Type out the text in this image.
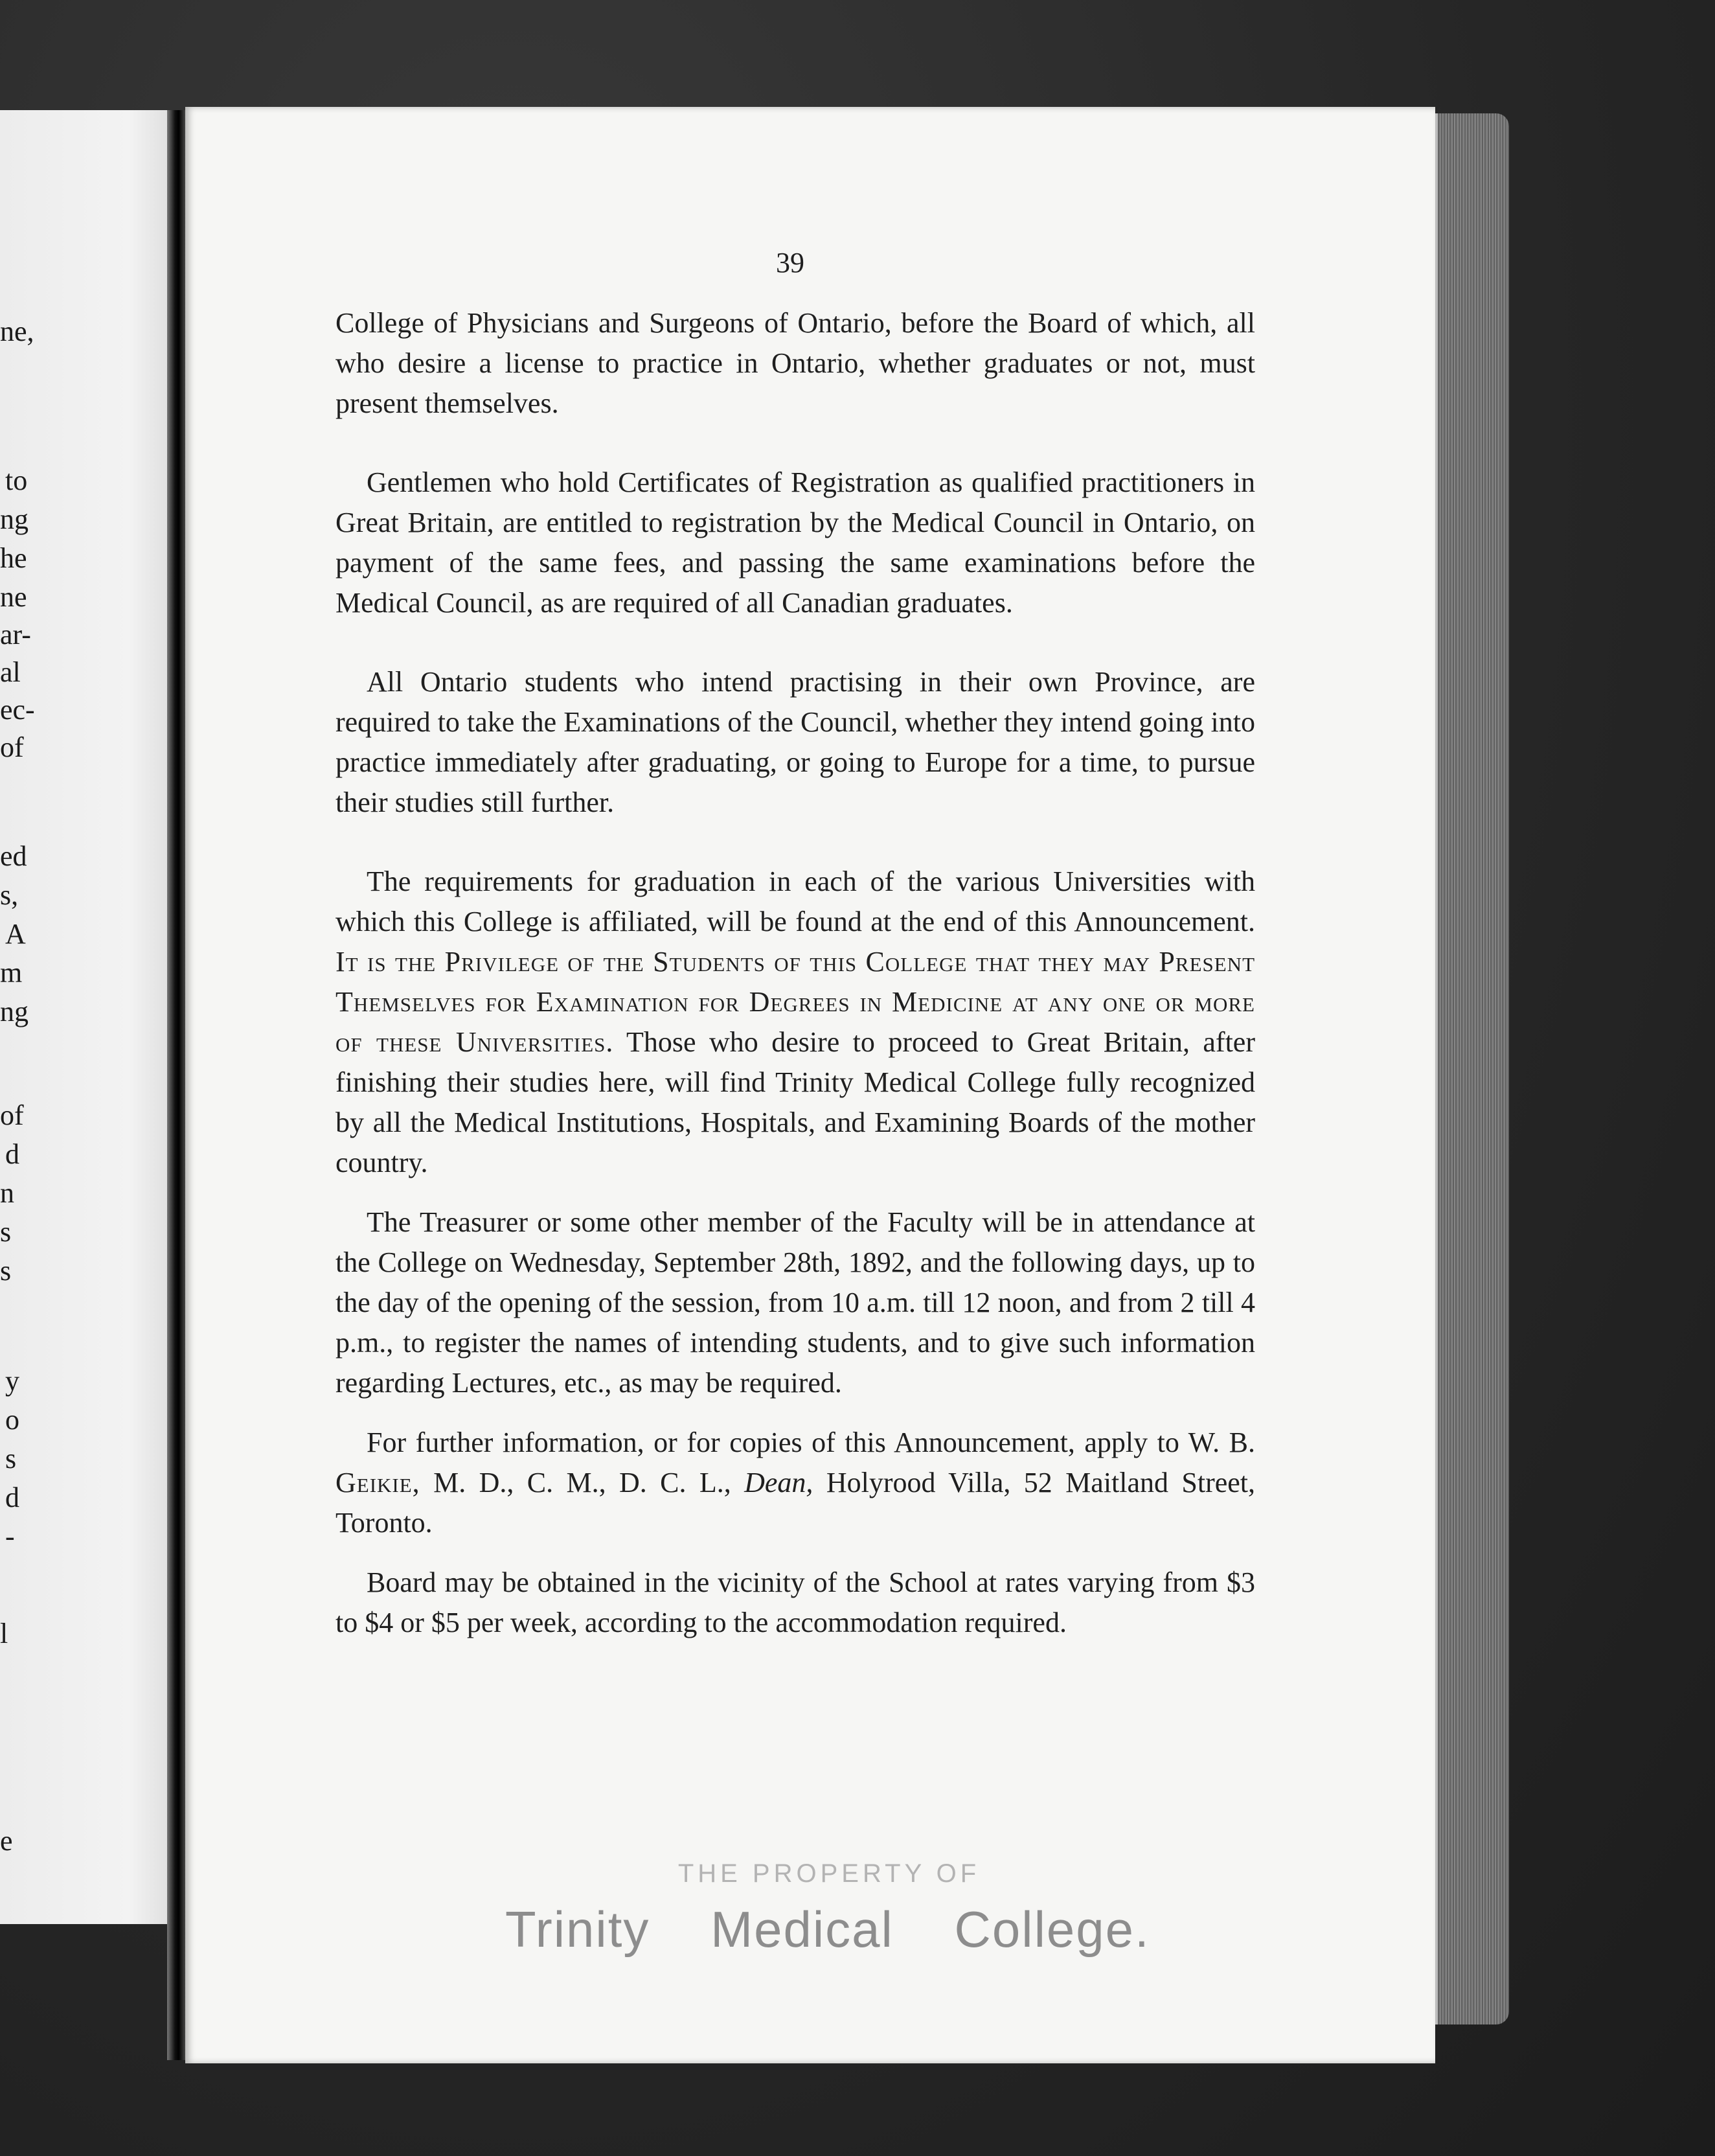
ne,
to
ng
he
ne
ar-
al
ec-
of
ed
s,
A
m
ng
of
d
n
s
s
y
o
s
d
-
l
e
39

College of Physicians and Surgeons of Ontario, before the Board of which, all who desire a license to practice in Ontario, whether graduates or not, must present themselves.

Gentlemen who hold Certificates of Registration as qualified practitioners in Great Britain, are entitled to registration by the Medical Council in Ontario, on payment of the same fees, and passing the same examinations before the Medical Council, as are required of all Canadian graduates.

All Ontario students who intend practising in their own Province, are required to take the Examinations of the Council, whether they intend going into practice immediately after graduating, or going to Europe for a time, to pursue their studies still further.

The requirements for graduation in each of the various Universities with which this College is affiliated, will be found at the end of this Announcement. It is the Privilege of the Students of this College that they may Present Themselves for Examination for Degrees in Medicine at any one or more of these Universities. Those who desire to proceed to Great Britain, after finishing their studies here, will find Trinity Medical College fully recognized by all the Medical Institutions, Hospitals, and Examining Boards of the mother country.

The Treasurer or some other member of the Faculty will be in attendance at the College on Wednesday, September 28th, 1892, and the following days, up to the day of the opening of the session, from 10 a.m. till 12 noon, and from 2 till 4 p.m., to register the names of intending students, and to give such information regarding Lectures, etc., as may be required.

For further information, or for copies of this Announcement, apply to W. B. Geikie, M. D., C. M., D. C. L., Dean, Holyrood Villa, 52 Maitland Street, Toronto.

Board may be obtained in the vicinity of the School at rates varying from $3 to $4 or $5 per week, according to the accommodation required.

THE PROPERTY OF
Trinity Medical College.
